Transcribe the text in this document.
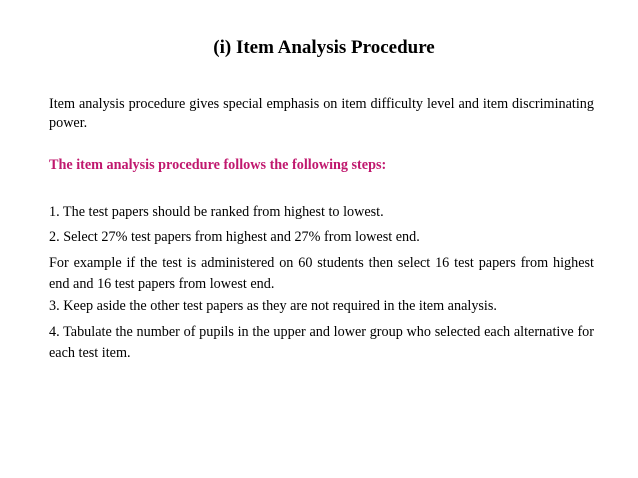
(i) Item Analysis Procedure

Item analysis procedure gives special emphasis on item difficulty level and item discriminating power.

The item analysis procedure follows the following steps:

1. The test papers should be ranked from highest to lowest.

2. Select 27% test papers from highest and 27% from lowest end.

For example if the test is administered on 60 students then select 16 test papers from highest end and 16 test papers from lowest end.

3. Keep aside the other test papers as they are not required in the item analysis.

4. Tabulate the number of pupils in the upper and lower group who selected each alternative for each test item.
